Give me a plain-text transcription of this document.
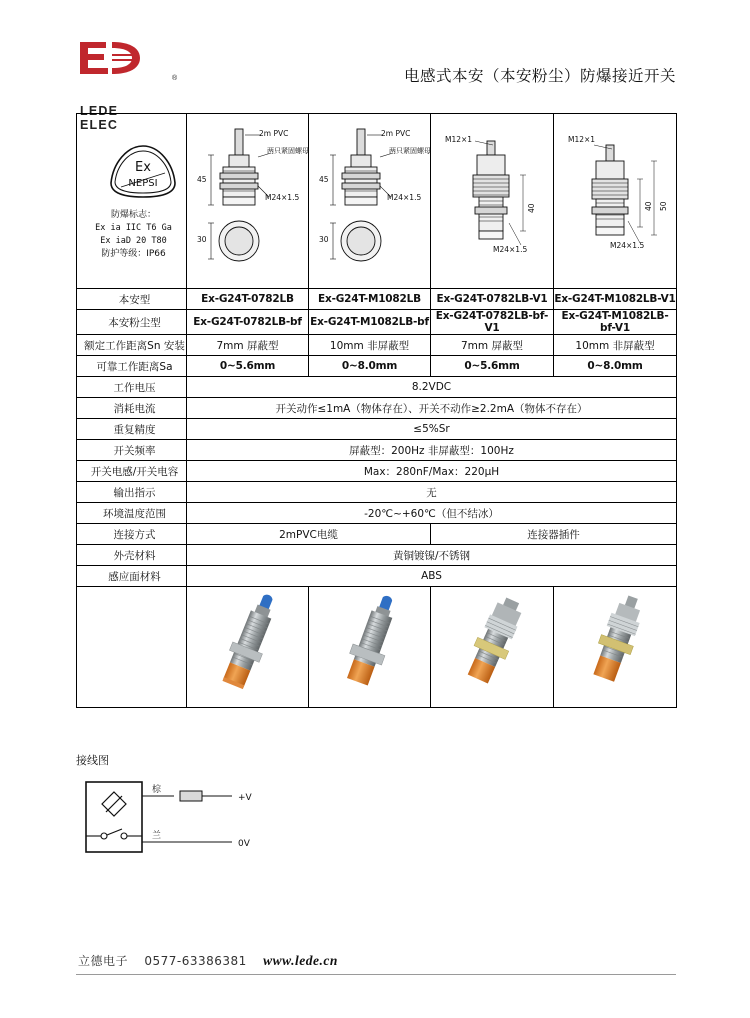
®
LEDE ELEC
电感式本安（本安粉尘）防爆接近开关
Ex
NEPSI
防爆标志：
Ex ia IIC T6 Ga
Ex iaD 20 T80
防护等级：IP66

2m PVC
两只紧固螺母
M24×1.5
45
30

2m PVC
两只紧固螺母
M24×1.5
45
30

M12×1
40
M24×1.5

M12×1
40 50
M24×1.5

本安型	Ex-G24T-0782LB	Ex-G24T-M1082LB	Ex-G24T-0782LB-V1	Ex-G24T-M1082LB-V1
本安粉尘型	Ex-G24T-0782LB-bf	Ex-G24T-M1082LB-bf	Ex-G24T-0782LB-bf-V1	Ex-G24T-M1082LB-bf-V1
额定工作距离Sn 安装	7mm 屏蔽型	10mm 非屏蔽型	7mm 屏蔽型	10mm 非屏蔽型
可靠工作距离Sa	0~5.6mm	0~8.0mm	0~5.6mm	0~8.0mm
工作电压	8.2VDC			
消耗电流	开关动作≤1mA（物体存在）、开关不动作≥2.2mA（物体不存在）			
重复精度	≤5%Sr			
开关频率	屏蔽型：200Hz 非屏蔽型：100Hz			
开关电感/开关电容	Max：280nF/Max：220μH			
输出指示	无			
环境温度范围	-20℃~+60℃（但不结冰）			
连接方式	2mPVC电缆		连接器插件	
外壳材料	黄铜镀镍/不锈钢			
感应面材料	ABS			

接线图
棕
兰
+V
0V
立德电子 0577-63386381 www.lede.cn
